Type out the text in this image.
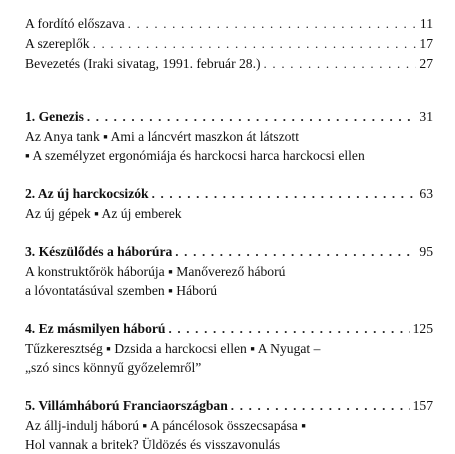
A fordító előszava . . .	11
A szereplők . . .	17
Bevezetés (Iraki sivatag, 1991. február 28.) . . .	27
1. Genezis . . .	31
Az Anya tank ▪ Ami a láncvért maszkon át látszott
▪ A személyzet ergonómiája és harckocsi harca harckocsi ellen
2. Az új harckocsizók . . .	63
Az új gépek ▪ Az új emberek
3. Készülődés a háborúra . . .	95
A konstruktőrök háborúja ▪ Manőverező háború
a lóvontatásúval szemben ▪ Háború
4. Ez másmilyen háború . . .	125
Tűzkeresztség ▪ Dzsida a harckocsi ellen ▪ A Nyugat –
„szó sincs könnyű győzelemről”
5. Villámháború Franciaországban . . .	157
Az állj-indulj háború ▪ A páncélosok összecsapása ▪
Hol vannak a britek? Üldözés és visszavonulás
